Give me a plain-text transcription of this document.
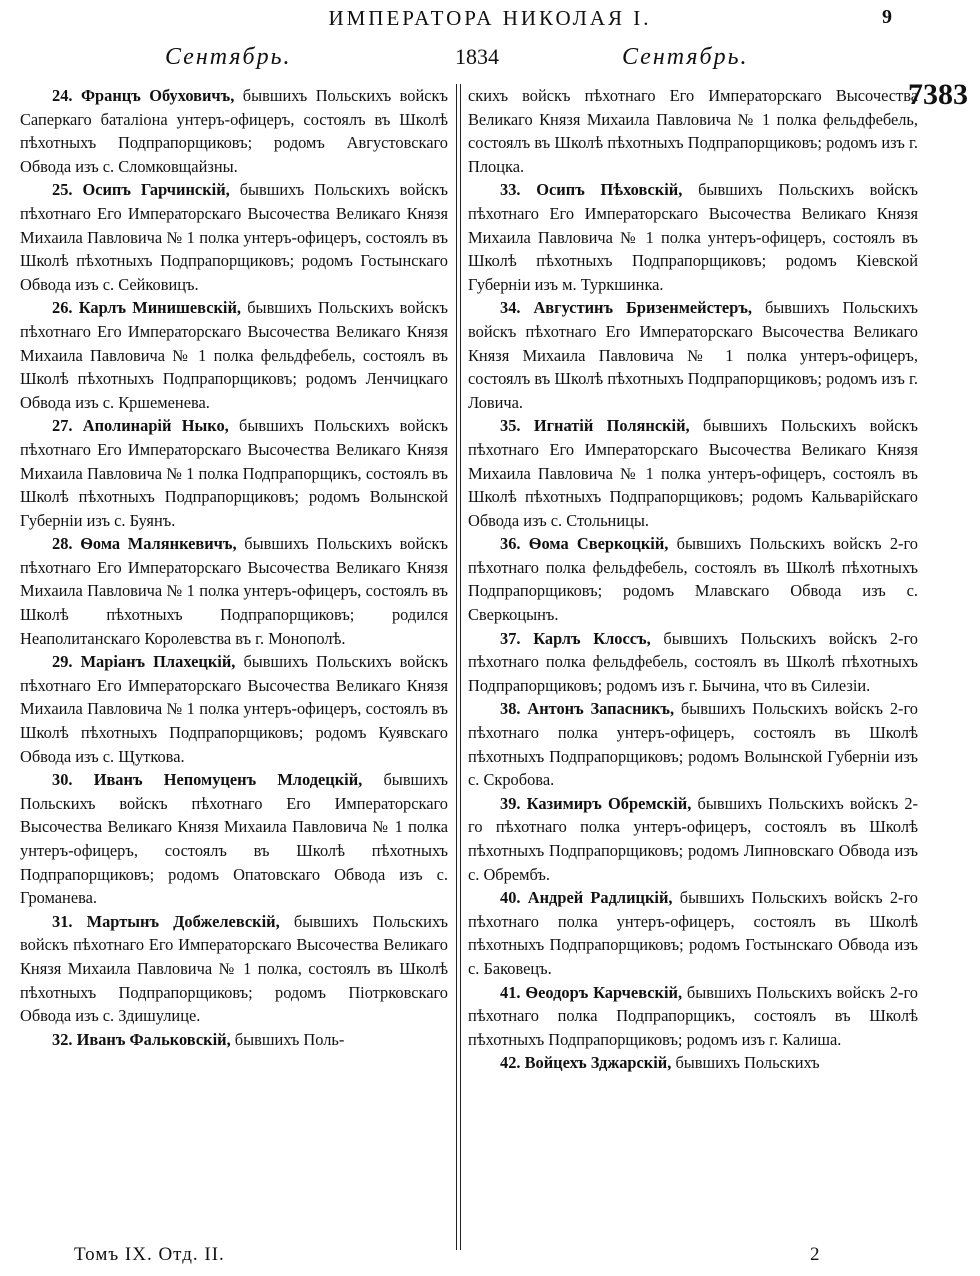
ИМПЕРАТОРА НИКОЛАЯ I.	9
Сентябрь.	1834	Сентябрь.
7383

24. Францъ Обуховичъ, бывшихъ Польскихъ войскъ Саперкаго баталіона унтеръ-офицеръ, состоялъ въ Школѣ пѣхотныхъ Подпрапорщиковъ; родомъ Августовскаго Обвода изъ с. Сломковщайзны.

25. Осипъ Гарчинскій, бывшихъ Польскихъ войскъ пѣхотнаго Его Императорскаго Высочества Великаго Князя Михаила Павловича № 1 полка унтеръ-офицеръ, состоялъ въ Школѣ пѣхотныхъ Подпрапорщиковъ; родомъ Гостынскаго Обвода изъ с. Сейковицъ.

26. Карлъ Минишевскій, бывшихъ Польскихъ войскъ пѣхотнаго Его Императорскаго Высочества Великаго Князя Михаила Павловича № 1 полка фельдфебель, состоялъ въ Школѣ пѣхотныхъ Подпрапорщиковъ; родомъ Ленчицкаго Обвода изъ с. Кршеменева.

27. Аполинарій Ныко, бывшихъ Польскихъ войскъ пѣхотнаго Его Императорскаго Высочества Великаго Князя Михаила Павловича № 1 полка Подпрапорщикъ, состоялъ въ Школѣ пѣхотныхъ Подпрапорщиковъ; родомъ Волынской Губерніи изъ с. Буянъ.

28. Ѳома Малянкевичъ, бывшихъ Польскихъ войскъ пѣхотнаго Его Императорскаго Высочества Великаго Князя Михаила Павловича № 1 полка унтеръ-офицеръ, состоялъ въ Школѣ пѣхотныхъ Подпрапорщиковъ; родился Неаполитанскаго Королевства въ г. Монополѣ.

29. Маріанъ Плахецкій, бывшихъ Польскихъ войскъ пѣхотнаго Его Императорскаго Высочества Великаго Князя Михаила Павловича № 1 полка унтеръ-офицеръ, состоялъ въ Школѣ пѣхотныхъ Подпрапорщиковъ; родомъ Куявскаго Обвода изъ с. Щуткова.

30. Иванъ Непомуценъ Млодецкій, бывшихъ Польскихъ войскъ пѣхотнаго Его Императорскаго Высочества Великаго Князя Михаила Павловича № 1 полка унтеръ-офицеръ, состоялъ въ Школѣ пѣхотныхъ Подпрапорщиковъ; родомъ Опатовскаго Обвода изъ с. Громанева.

31. Мартынъ Добжелевскій, бывшихъ Польскихъ войскъ пѣхотнаго Его Императорскаго Высочества Великаго Князя Михаила Павловича № 1 полка, состоялъ въ Школѣ пѣхотныхъ Подпрапорщиковъ; родомъ Піотрковскаго Обвода изъ с. Здишулице.

32. Иванъ Фальковскій, бывшихъ Поль-

скихъ войскъ пѣхотнаго Его Императорскаго Высочества Великаго Князя Михаила Павловича № 1 полка фельдфебель, состоялъ въ Школѣ пѣхотныхъ Подпрапорщиковъ; родомъ изъ г. Плоцка.

33. Осипъ Пѣховскій, бывшихъ Польскихъ войскъ пѣхотнаго Его Императорскаго Высочества Великаго Князя Михаила Павловича № 1 полка унтеръ-офицеръ, состоялъ въ Школѣ пѣхотныхъ Подпрапорщиковъ; родомъ Кіевской Губерніи изъ м. Туркшинка.

34. Августинъ Бризенмейстеръ, бывшихъ Польскихъ войскъ пѣхотнаго Его Императорскаго Высочества Великаго Князя Михаила Павловича № 1 полка унтеръ-офицеръ, состоялъ въ Школѣ пѣхотныхъ Подпрапорщиковъ; родомъ изъ г. Ловича.

35. Игнатій Полянскій, бывшихъ Польскихъ войскъ пѣхотнаго Его Императорскаго Высочества Великаго Князя Михаила Павловича № 1 полка унтеръ-офицеръ, состоялъ въ Школѣ пѣхотныхъ Подпрапорщиковъ; родомъ Кальварійскаго Обвода изъ с. Стольницы.

36. Ѳома Сверкоцкій, бывшихъ Польскихъ войскъ 2-го пѣхотнаго полка фельдфебель, состоялъ въ Школѣ пѣхотныхъ Подпрапорщиковъ; родомъ Млавскаго Обвода изъ с. Сверкоцынъ.

37. Карлъ Клоссъ, бывшихъ Польскихъ войскъ 2-го пѣхотнаго полка фельдфебель, состоялъ въ Школѣ пѣхотныхъ Подпрапорщиковъ; родомъ изъ г. Бычина, что въ Силезіи.

38. Антонъ Запасникъ, бывшихъ Польскихъ войскъ 2-го пѣхотнаго полка унтеръ-офицеръ, состоялъ въ Школѣ пѣхотныхъ Подпрапорщиковъ; родомъ Волынской Губерніи изъ с. Скробова.

39. Казимиръ Обремскій, бывшихъ Польскихъ войскъ 2-го пѣхотнаго полка унтеръ-офицеръ, состоялъ въ Школѣ пѣхотныхъ Подпрапорщиковъ; родомъ Липновскаго Обвода изъ с. Обрембъ.

40. Андрей Радлицкій, бывшихъ Польскихъ войскъ 2-го пѣхотнаго полка унтеръ-офицеръ, состоялъ въ Школѣ пѣхотныхъ Подпрапорщиковъ; родомъ Гостынскаго Обвода изъ с. Баковецъ.

41. Ѳеодоръ Карчевскій, бывшихъ Польскихъ войскъ 2-го пѣхотнаго полка Подпрапорщикъ, состоялъ въ Школѣ пѣхотныхъ Подпрапорщиковъ; родомъ изъ г. Калиша.

42. Войцехъ Зджарскій, бывшихъ Польскихъ

Томъ IX. Отд. II.	2
